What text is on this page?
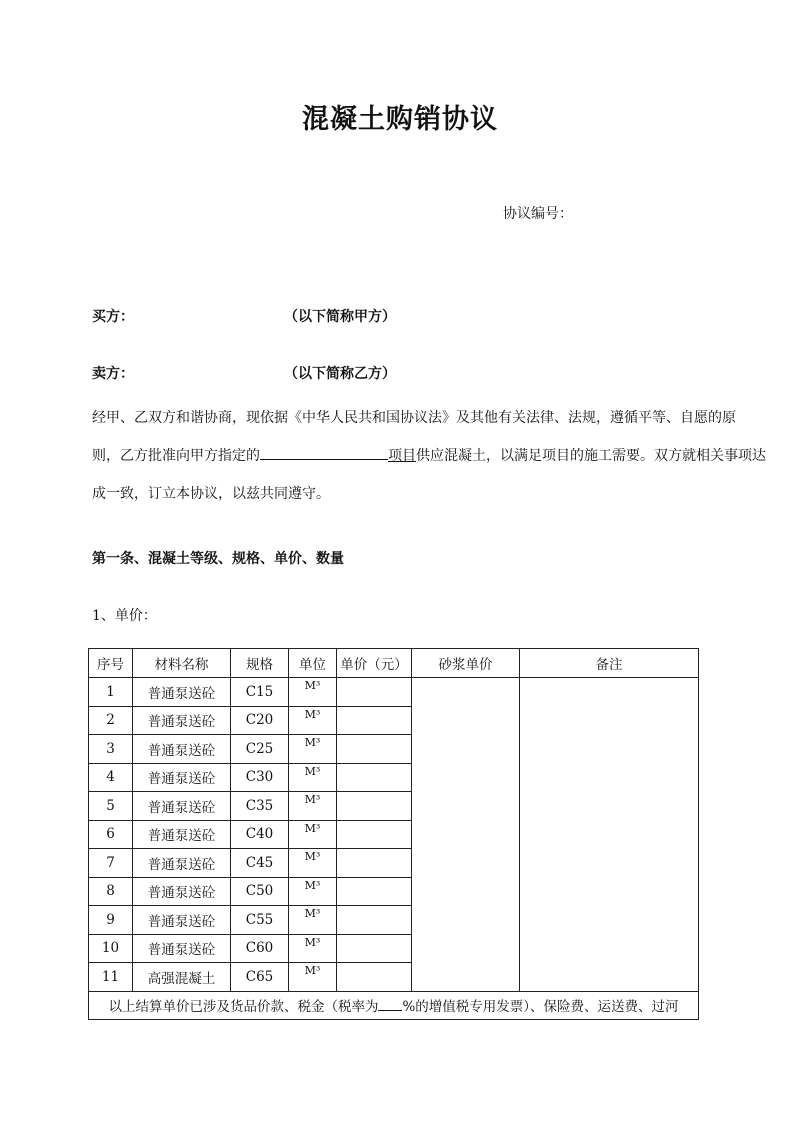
混凝土购销协议
协议编号：
买方：	（以下简称甲方）
卖方：	（以下简称乙方）
经甲、乙双方和谐协商，现依据《中华人民共和国协议法》及其他有关法律、法规，遵循平等、自愿的原
则，乙方批准向甲方指定的	项目供应混凝土，以满足项目的施工需要。双方就相关事项达
成一致，订立本协议，以兹共同遵守。
第一条、混凝土等级、规格、单价、数量
1、单价：
序号	材料名称	规格	单位	单价（元）	砂浆单价	备注
1	普通泵送砼	C15	M³			
2	普通泵送砼	C20	M³			
3	普通泵送砼	C25	M³			
4	普通泵送砼	C30	M³			
5	普通泵送砼	C35	M³			
6	普通泵送砼	C40	M³			
7	普通泵送砼	C45	M³			
8	普通泵送砼	C50	M³			
9	普通泵送砼	C55	M³			
10	普通泵送砼	C60	M³			
11	高强混凝土	C65	M³			
以上结算单价已涉及货品价款、税金（税率为 %的增值税专用发票）、保险费、运送费、过河						
